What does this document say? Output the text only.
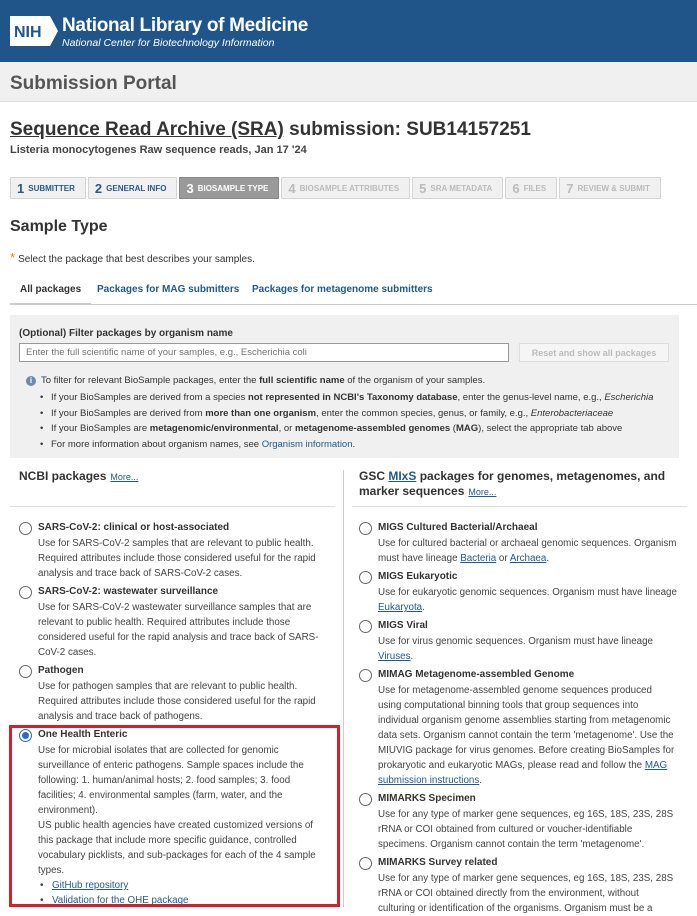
NIH National Library of Medicine
National Center for Biotechnology Information
Submission Portal
Sequence Read Archive (SRA) submission: SUB14157251
Listeria monocytogenes Raw sequence reads, Jan 17 '24
1 SUBMITTER 2 GENERAL INFO 3 BIOSAMPLE TYPE 4 BIOSAMPLE ATTRIBUTES 5 SRA METADATA 6 FILES 7 REVIEW & SUBMIT
Sample Type
* Select the package that best describes your samples.
All packages	Packages for MAG submitters Packages for metagenome submitters
(Optional) Filter packages by organism name
Enter the full scientific name of your samples, e.g., Escherichia coli
Reset and show all packages
i To filter for relevant BioSample packages, enter the full scientific name of the organism of your samples.
• If your BioSamples are derived from a species not represented in NCBI's Taxonomy database, enter the genus-level name, e.g., Escherichia
• If your BioSamples are derived from more than one organism, enter the common species, genus, or family, e.g., Enterobacteriaceae
• If your BioSamples are metagenomic/environmental, or metagenome-assembled genomes (MAG), select the appropriate tab above
• For more information about organism names, see Organism information.
NCBI packages More...	GSC MIxS packages for genomes, metagenomes, and marker sequences More...
SARS-CoV-2: clinical or host-associated
Use for SARS-CoV-2 samples that are relevant to public health. Required attributes include those considered useful for the rapid analysis and trace back of SARS-CoV-2 cases.
SARS-CoV-2: wastewater surveillance
Use for SARS-CoV-2 wastewater surveillance samples that are relevant to public health. Required attributes include those considered useful for the rapid analysis and trace back of SARS-CoV-2 cases.
Pathogen
Use for pathogen samples that are relevant to public health. Required attributes include those considered useful for the rapid analysis and trace back of pathogens.
One Health Enteric
Use for microbial isolates that are collected for genomic surveillance of enteric pathogens. Sample spaces include the following: 1. human/animal hosts; 2. food samples; 3. food facilities; 4. environmental samples (farm, water, and the environment).
US public health agencies have created customized versions of this package that include more specific guidance, controlled vocabulary picklists, and sub-packages for each of the 4 sample types.
• GitHub repository
• Validation for the OHE package
MIGS Cultured Bacterial/Archaeal
Use for cultured bacterial or archaeal genomic sequences. Organism must have lineage Bacteria or Archaea.
MIGS Eukaryotic
Use for eukaryotic genomic sequences. Organism must have lineage Eukaryota.
MIGS Viral
Use for virus genomic sequences. Organism must have lineage Viruses.
MIMAG Metagenome-assembled Genome
Use for metagenome-assembled genome sequences produced using computational binning tools that group sequences into individual organism genome assemblies starting from metagenomic data sets. Organism cannot contain the term 'metagenome'. Use the MIUVIG package for virus genomes. Before creating BioSamples for prokaryotic and eukaryotic MAGs, please read and follow the MAG submission instructions.
MIMARKS Specimen
Use for any type of marker gene sequences, eg 16S, 18S, 23S, 28S rRNA or COI obtained from cultured or voucher-identifiable specimens. Organism cannot contain the term 'metagenome'.
MIMARKS Survey related
Use for any type of marker gene sequences, eg 16S, 18S, 23S, 28S rRNA or COI obtained directly from the environment, without culturing or identification of the organisms. Organism must be a
